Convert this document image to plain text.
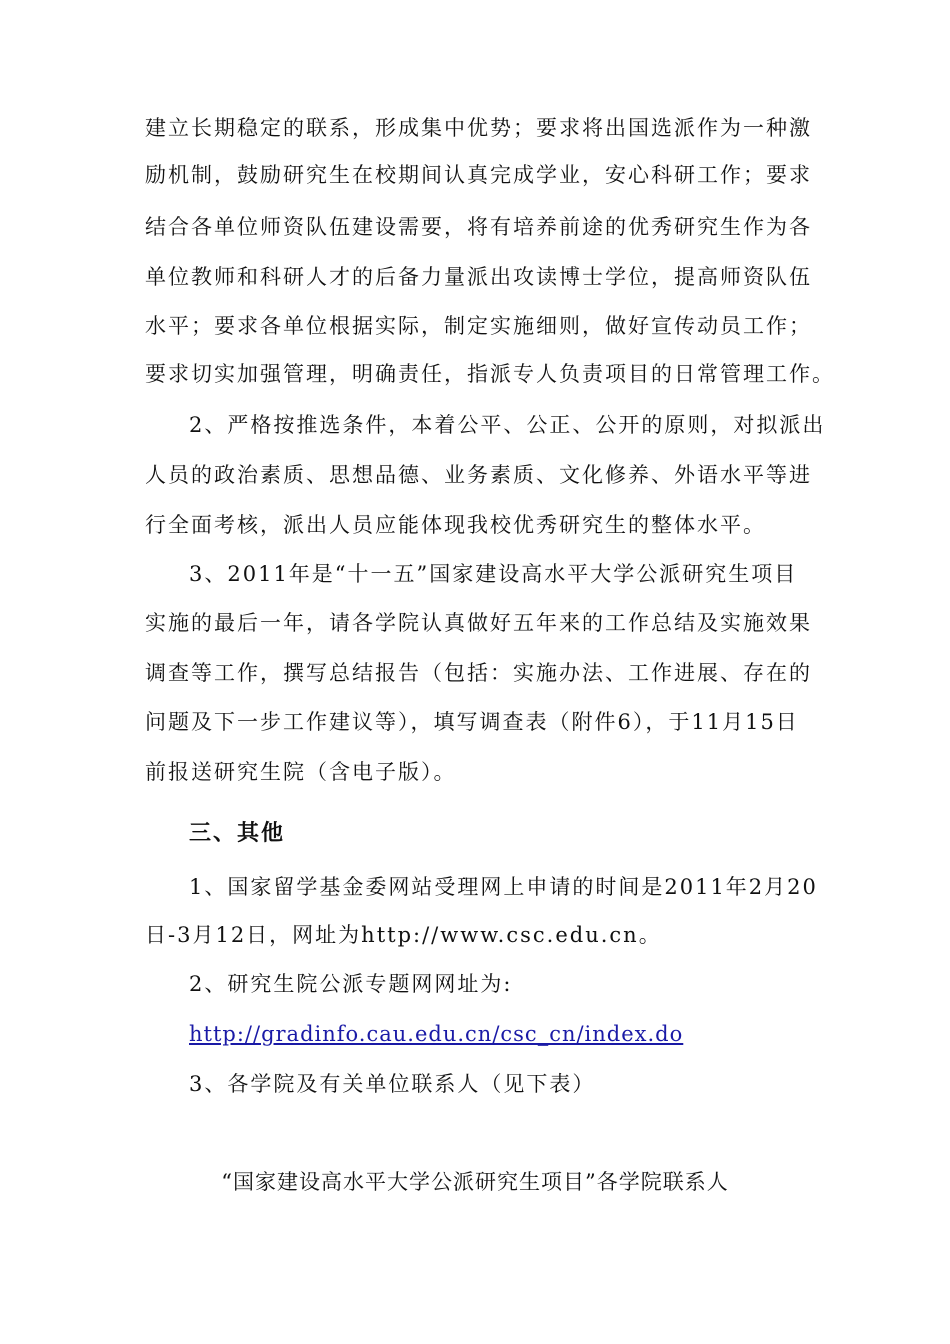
建立长期稳定的联系，形成集中优势；要求将出国选派作为一种激
励机制，鼓励研究生在校期间认真完成学业，安心科研工作；要求
结合各单位师资队伍建设需要，将有培养前途的优秀研究生作为各
单位教师和科研人才的后备力量派出攻读博士学位，提高师资队伍
水平；要求各单位根据实际，制定实施细则，做好宣传动员工作；
要求切实加强管理，明确责任，指派专人负责项目的日常管理工作。
2、严格按推选条件，本着公平、公正、公开的原则，对拟派出
人员的政治素质、思想品德、业务素质、文化修养、外语水平等进
行全面考核，派出人员应能体现我校优秀研究生的整体水平。
3、2011年是“十一五”国家建设高水平大学公派研究生项目
实施的最后一年，请各学院认真做好五年来的工作总结及实施效果
调查等工作，撰写总结报告（包括：实施办法、工作进展、存在的
问题及下一步工作建议等），填写调查表（附件6），于11月15日
前报送研究生院（含电子版）。
三、其他
1、国家留学基金委网站受理网上申请的时间是2011年2月20
日-3月12日，网址为http://www.csc.edu.cn。
2、研究生院公派专题网网址为:
http://gradinfo.cau.edu.cn/csc_cn/index.do
3、各学院及有关单位联系人（见下表）
“国家建设高水平大学公派研究生项目”各学院联系人
